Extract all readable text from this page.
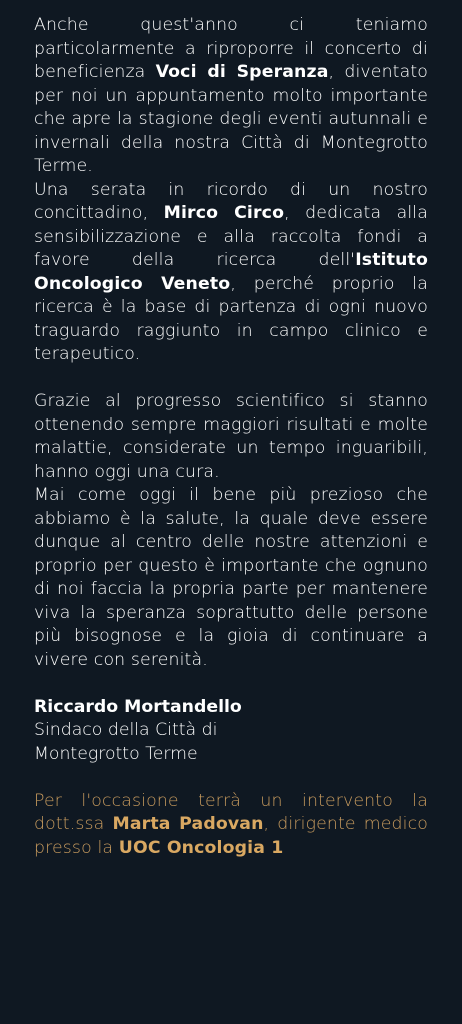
Anche quest'anno ci teniamo particolarmente a riproporre il concerto di beneficienza Voci di Speranza, diventato per noi un appuntamento molto importante che apre la stagione degli eventi autunnali e invernali della nostra Città di Montegrotto Terme.

Una serata in ricordo di un nostro concittadino, Mirco Circo, dedicata alla sensibilizzazione e alla raccolta fondi a favore della ricerca dell'Istituto Oncologico Veneto, perché proprio la ricerca è la base di partenza di ogni nuovo traguardo raggiunto in campo clinico e terapeutico.

Grazie al progresso scientifico si stanno ottenendo sempre maggiori risultati e molte malattie, considerate un tempo inguaribili, hanno oggi una cura.

Mai come oggi il bene più prezioso che abbiamo è la salute, la quale deve essere dunque al centro delle nostre attenzioni e proprio per questo è importante che ognuno di noi faccia la propria parte per mantenere viva la speranza soprattutto delle persone più bisognose e la gioia di continuare a vivere con serenità.

Riccardo Mortandello

Sindaco della Città di

Montegrotto Terme

Per l'occasione terrà un intervento la dott.ssa Marta Padovan, dirigente medico presso la UOC Oncologia 1
